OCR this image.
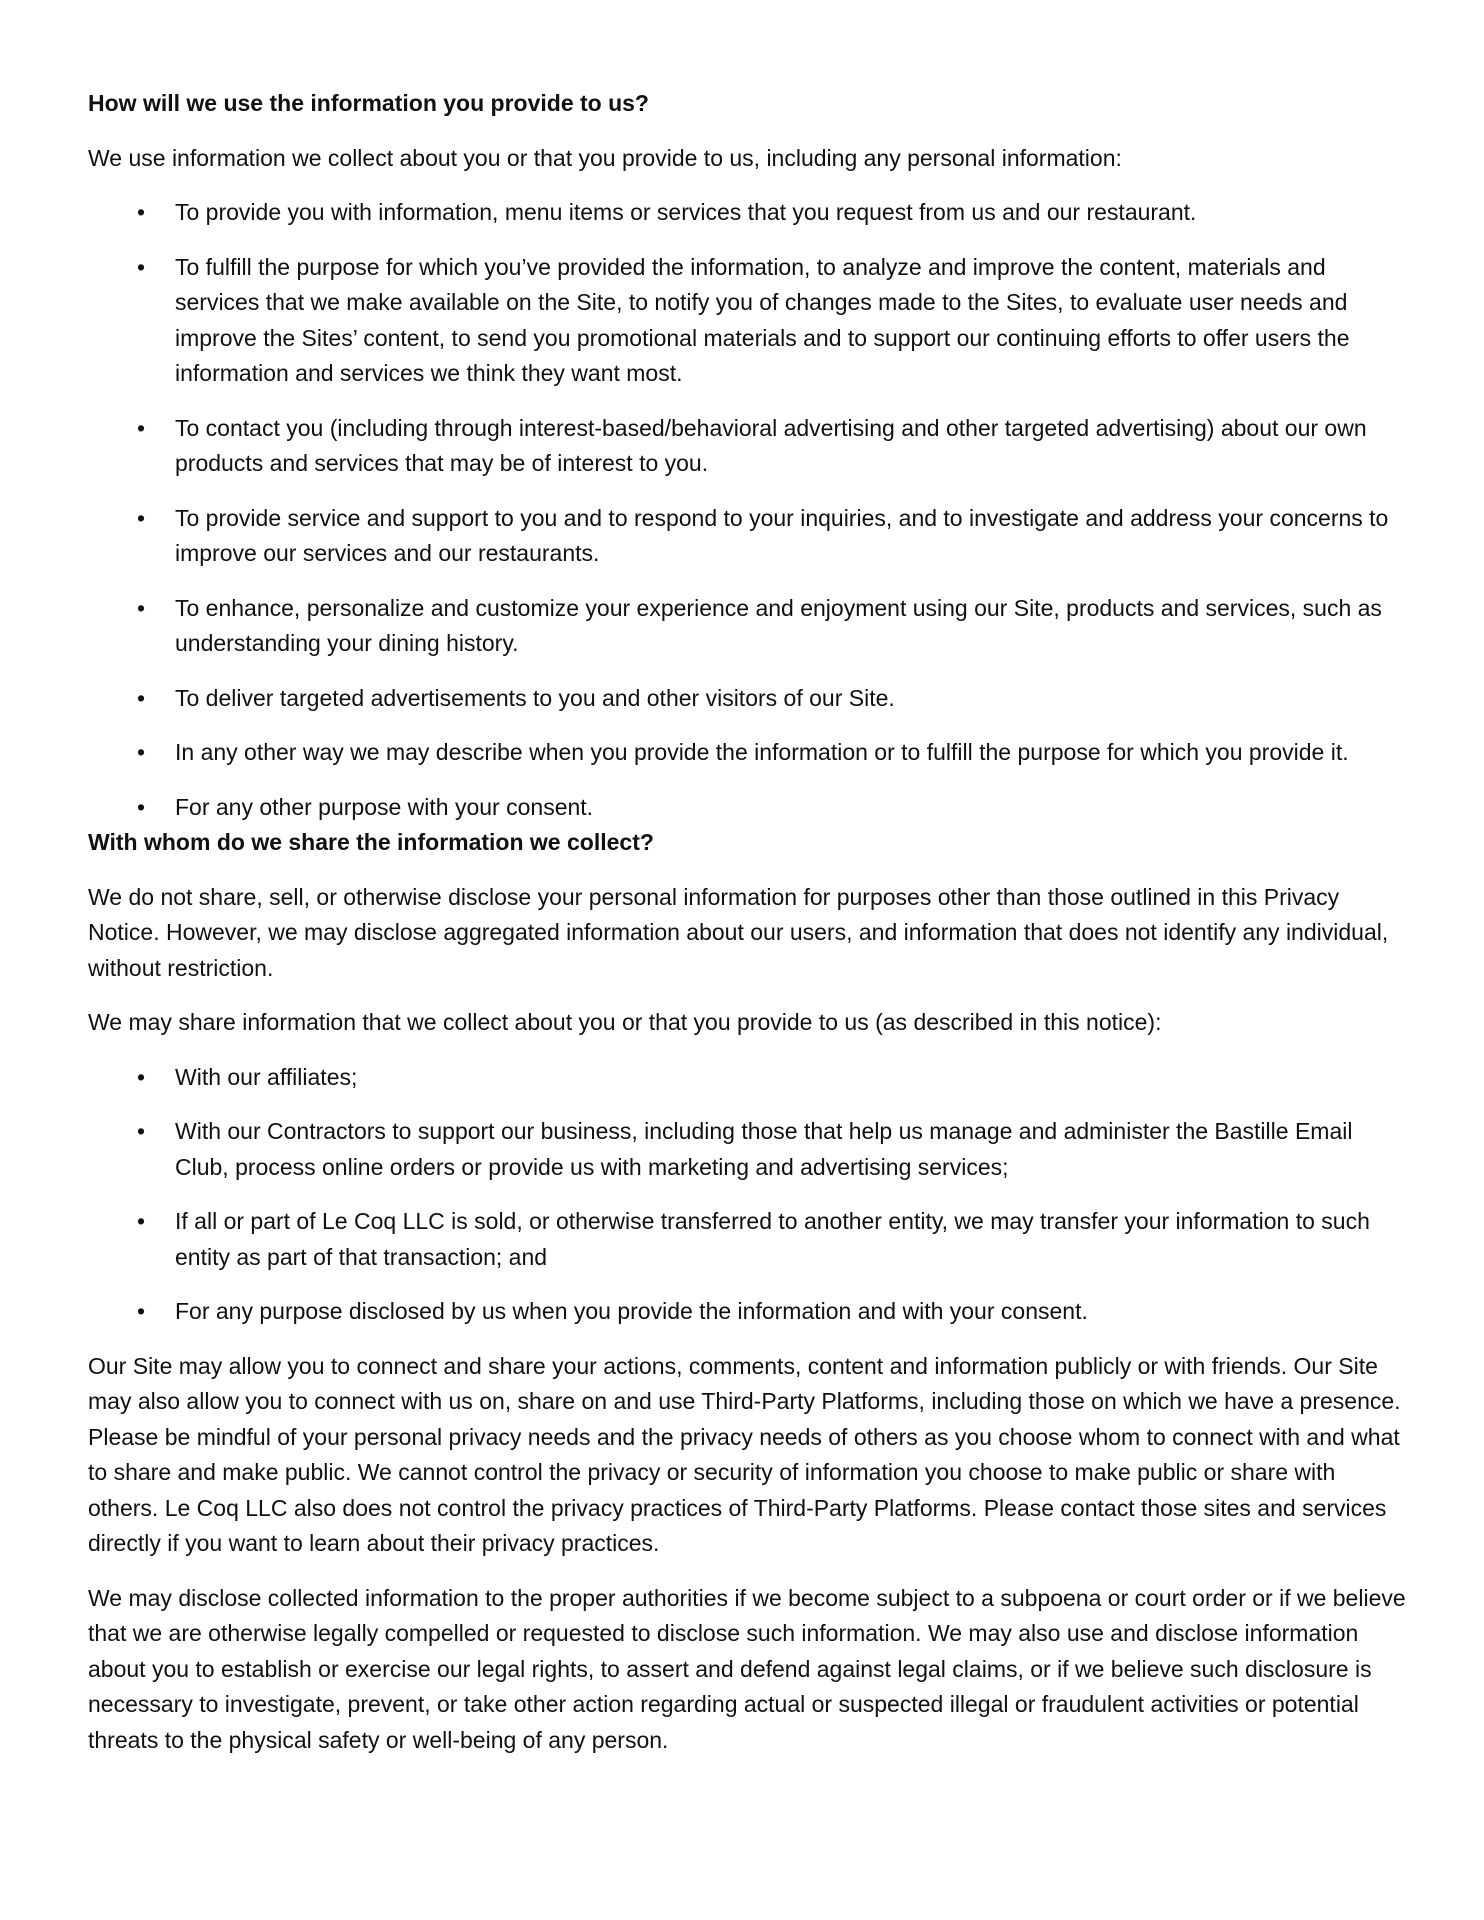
How will we use the information you provide to us?

We use information we collect about you or that you provide to us, including any personal information:

• To provide you with information, menu items or services that you request from us and our restaurant.
• To fulfill the purpose for which you’ve provided the information, to analyze and improve the content, materials and services that we make available on the Site, to notify you of changes made to the Sites, to evaluate user needs and improve the Sites’ content, to send you promotional materials and to support our continuing efforts to offer users the information and services we think they want most.
• To contact you (including through interest-based/behavioral advertising and other targeted advertising) about our own products and services that may be of interest to you.
• To provide service and support to you and to respond to your inquiries, and to investigate and address your concerns to improve our services and our restaurants.
• To enhance, personalize and customize your experience and enjoyment using our Site, products and services, such as understanding your dining history.
• To deliver targeted advertisements to you and other visitors of our Site.
• In any other way we may describe when you provide the information or to fulfill the purpose for which you provide it.
• For any other purpose with your consent.
With whom do we share the information we collect?

We do not share, sell, or otherwise disclose your personal information for purposes other than those outlined in this Privacy Notice. However, we may disclose aggregated information about our users, and information that does not identify any individual, without restriction.

We may share information that we collect about you or that you provide to us (as described in this notice):

• With our affiliates;
• With our Contractors to support our business, including those that help us manage and administer the Bastille Email Club, process online orders or provide us with marketing and advertising services;
• If all or part of Le Coq LLC is sold, or otherwise transferred to another entity, we may transfer your information to such entity as part of that transaction; and
• For any purpose disclosed by us when you provide the information and with your consent.

Our Site may allow you to connect and share your actions, comments, content and information publicly or with friends. Our Site may also allow you to connect with us on, share on and use Third-Party Platforms, including those on which we have a presence. Please be mindful of your personal privacy needs and the privacy needs of others as you choose whom to connect with and what to share and make public. We cannot control the privacy or security of information you choose to make public or share with others. Le Coq LLC also does not control the privacy practices of Third-Party Platforms. Please contact those sites and services directly if you want to learn about their privacy practices.

We may disclose collected information to the proper authorities if we become subject to a subpoena or court order or if we believe that we are otherwise legally compelled or requested to disclose such information. We may also use and disclose information about you to establish or exercise our legal rights, to assert and defend against legal claims, or if we believe such disclosure is necessary to investigate, prevent, or take other action regarding actual or suspected illegal or fraudulent activities or potential threats to the physical safety or well-being of any person.
